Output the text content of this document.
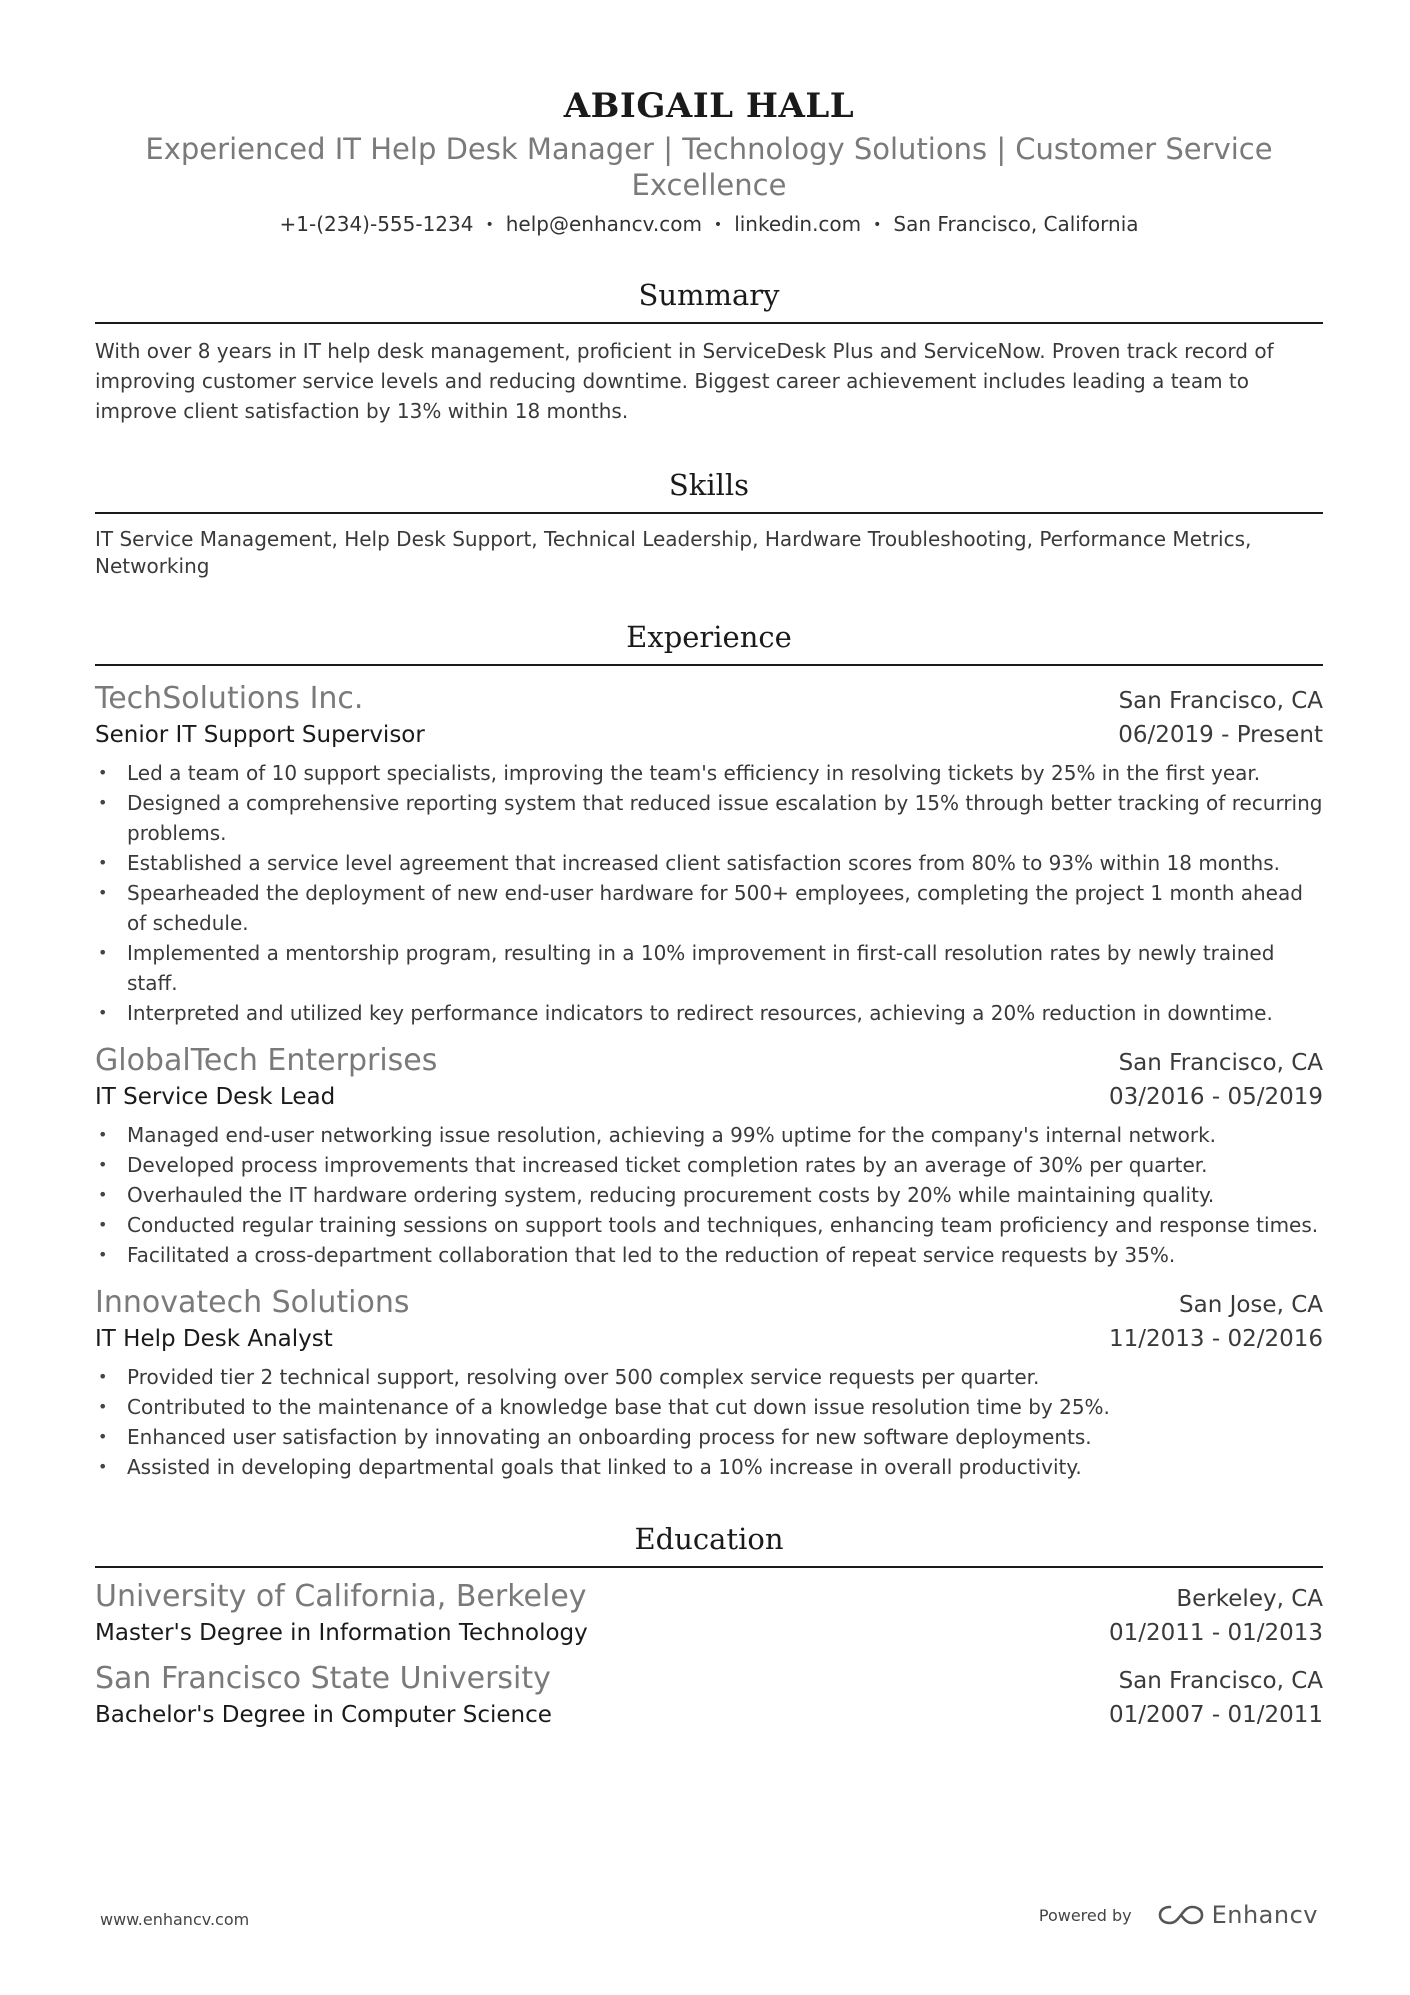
ABIGAIL HALL
Experienced IT Help Desk Manager | Technology Solutions | Customer Service Excellence
+1-(234)-555-1234 • help@enhancv.com • linkedin.com • San Francisco, California
Summary
With over 8 years in IT help desk management, proficient in ServiceDesk Plus and ServiceNow. Proven track record of improving customer service levels and reducing downtime. Biggest career achievement includes leading a team to improve client satisfaction by 13% within 18 months.
Skills
IT Service Management, Help Desk Support, Technical Leadership, Hardware Troubleshooting, Performance Metrics, Networking
Experience
TechSolutions Inc.	San Francisco, CA
Senior IT Support Supervisor	06/2019 - Present
• Led a team of 10 support specialists, improving the team's efficiency in resolving tickets by 25% in the first year.
• Designed a comprehensive reporting system that reduced issue escalation by 15% through better tracking of recurring problems.
• Established a service level agreement that increased client satisfaction scores from 80% to 93% within 18 months.
• Spearheaded the deployment of new end-user hardware for 500+ employees, completing the project 1 month ahead of schedule.
• Implemented a mentorship program, resulting in a 10% improvement in first-call resolution rates by newly trained staff.
• Interpreted and utilized key performance indicators to redirect resources, achieving a 20% reduction in downtime.
GlobalTech Enterprises	San Francisco, CA
IT Service Desk Lead	03/2016 - 05/2019
• Managed end-user networking issue resolution, achieving a 99% uptime for the company's internal network.
• Developed process improvements that increased ticket completion rates by an average of 30% per quarter.
• Overhauled the IT hardware ordering system, reducing procurement costs by 20% while maintaining quality.
• Conducted regular training sessions on support tools and techniques, enhancing team proficiency and response times.
• Facilitated a cross-department collaboration that led to the reduction of repeat service requests by 35%.
Innovatech Solutions	San Jose, CA
IT Help Desk Analyst	11/2013 - 02/2016
• Provided tier 2 technical support, resolving over 500 complex service requests per quarter.
• Contributed to the maintenance of a knowledge base that cut down issue resolution time by 25%.
• Enhanced user satisfaction by innovating an onboarding process for new software deployments.
• Assisted in developing departmental goals that linked to a 10% increase in overall productivity.
Education
University of California, Berkeley	Berkeley, CA
Master's Degree in Information Technology	01/2011 - 01/2013
San Francisco State University	San Francisco, CA
Bachelor's Degree in Computer Science	01/2007 - 01/2011
www.enhancv.com	Powered by	Enhancv
